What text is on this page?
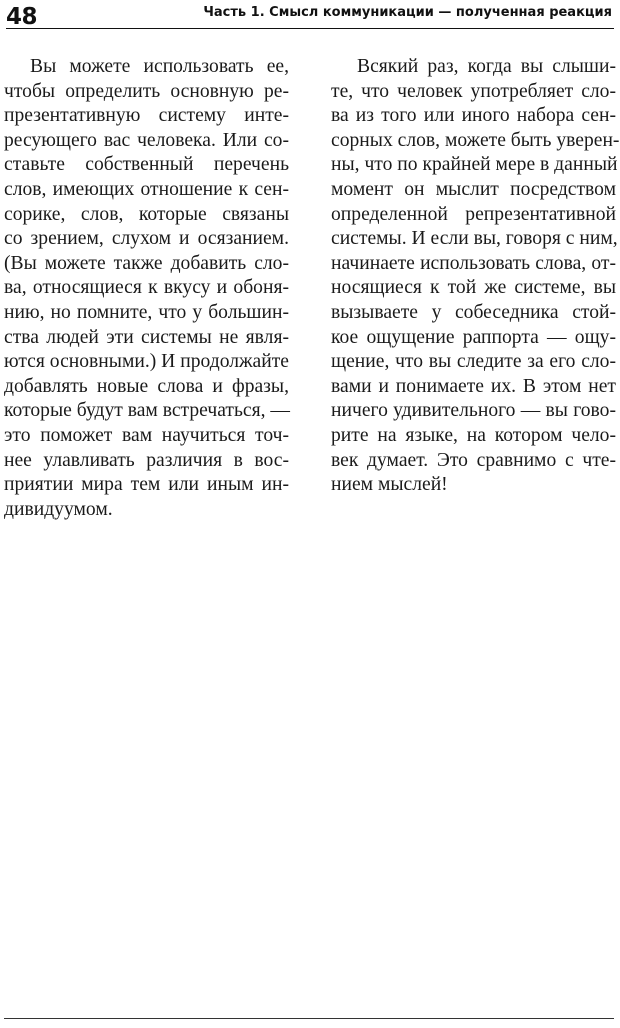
48	Часть 1. Смысл коммуникации — полученная реакция
Вы можете использовать ее,
чтобы определить основную ре-
презентативную систему инте-
ресующего вас человека. Или со-
ставьте собственный перечень
слов, имеющих отношение к сен-
сорике, слов, которые связаны
со зрением, слухом и осязанием.
(Вы можете также добавить сло-
ва, относящиеся к вкусу и обоня-
нию, но помните, что у большин-
ства людей эти системы не явля-
ются основными.) И продолжайте
добавлять новые слова и фразы,
которые будут вам встречаться, —
это поможет вам научиться точ-
нее улавливать различия в вос-
приятии мира тем или иным ин-
дивидуумом.
Всякий раз, когда вы слыши-
те, что человек употребляет сло-
ва из того или иного набора сен-
сорных слов, можете быть уверен-
ны, что по крайней мере в данный
момент он мыслит посредством
определенной репрезентативной
системы. И если вы, говоря с ним,
начинаете использовать слова, от-
носящиеся к той же системе, вы
вызываете у собеседника стой-
кое ощущение раппорта — ощу-
щение, что вы следите за его сло-
вами и понимаете их. В этом нет
ничего удивительного — вы гово-
рите на языке, на котором чело-
век думает. Это сравнимо с чте-
нием мыслей!
